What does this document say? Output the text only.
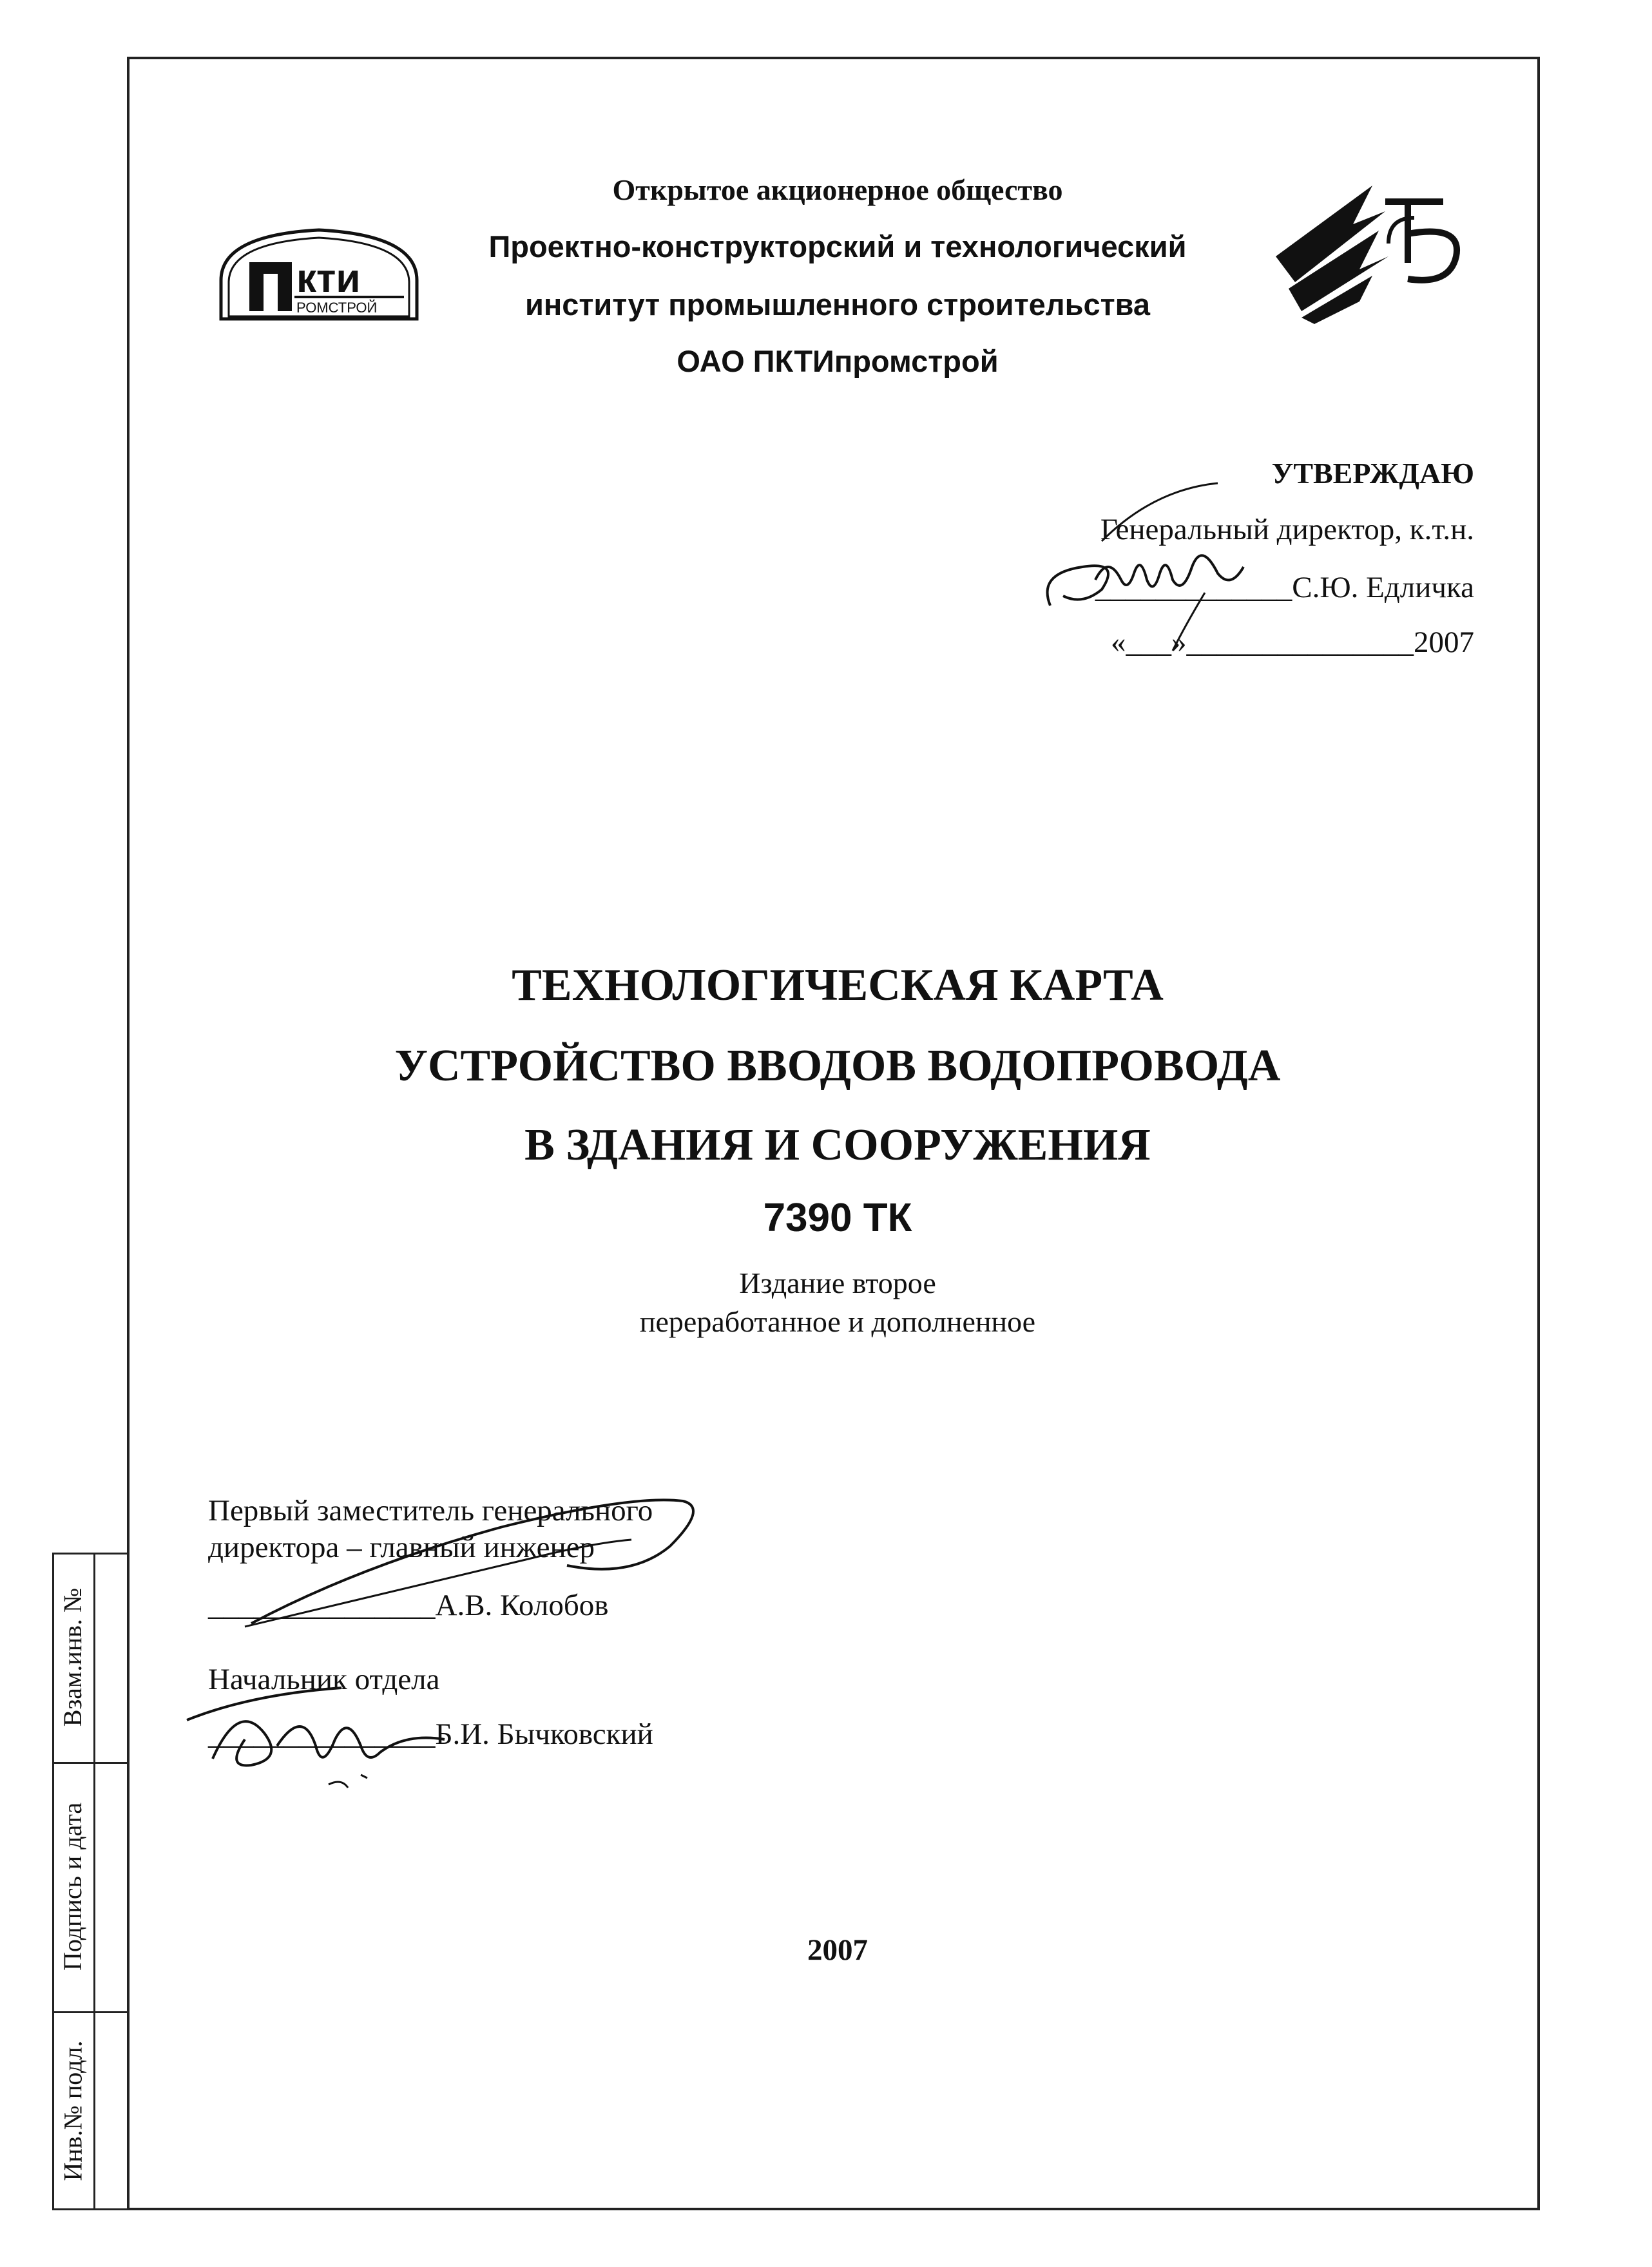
Взам.инв. №
Подпись и дата
Инв.№ подл.
кти
РОМСТРОЙ
Открытое акционерное общество
Проектно-конструкторский и технологический
институт промышленного строительства
ОАО ПКТИпромстрой
УТВЕРЖДАЮ
Генеральный директор, к.т.н.
_____________С.Ю. Едличка
«___»_______________2007
ТЕХНОЛОГИЧЕСКАЯ КАРТА
УСТРОЙСТВО ВВОДОВ ВОДОПРОВОДА
В ЗДАНИЯ И СООРУЖЕНИЯ
7390 ТК
Издание второе
переработанное и дополненное
Первый заместитель генерального
директора – главный инженер
_______________А.В. Колобов
Начальник отдела
_______________Б.И. Бычковский
2007
